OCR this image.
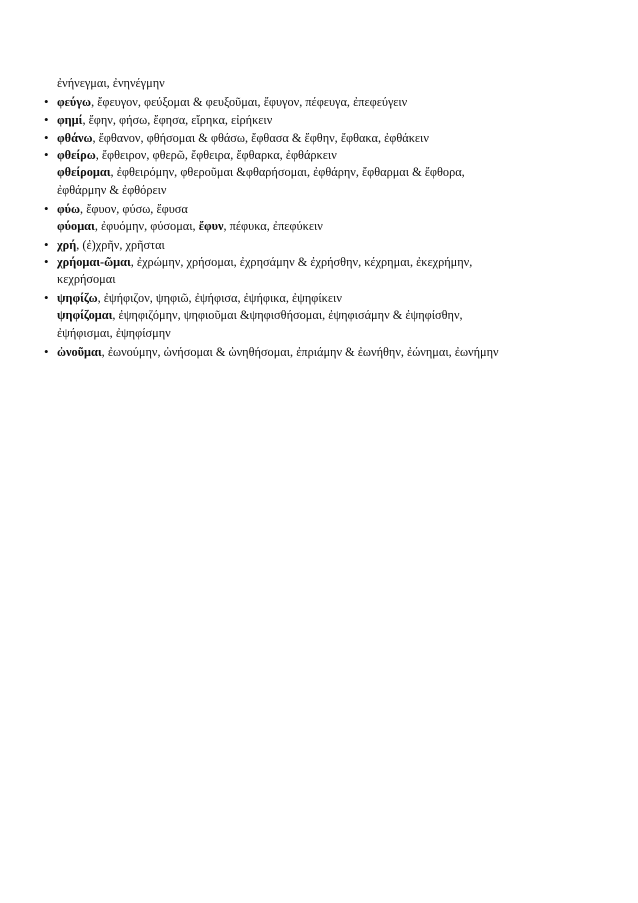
ἐνήνεγμαι, ἐνηνέγμην
•φεύγω, ἔφευγον, φεύξομαι & φευξοῦμαι, ἔφυγον, πέφευγα, ἐπεφεύγειν
•φημί, ἔφην, φήσω, ἔφησα, εἴρηκα, εἰρήκειν
•φθάνω, ἔφθανον, φθήσομαι & φθάσω, ἔφθασα & ἔφθην, ἔφθακα, ἐφθάκειν
•φθείρω, ἔφθειρον, φθερῶ, ἔφθειρα, ἔφθαρκα, ἐφθάρκειν
φθείρομαι, ἐφθειρόμην, φθεροῦμαι &φθαρήσομαι, ἐφθάρην, ἔφθαρμαι & ἔφθορα,
ἐφθάρμην & ἐφθόρειν
•φύω, ἔφυον, φύσω, ἔφυσα
φύομαι, ἐφυόμην, φύσομαι, ἔφυν, πέφυκα, ἐπεφύκειν
•χρή, (ἐ)χρῆν, χρῆσται
•χρήομαι-ῶμαι, ἐχρώμην, χρήσομαι, ἐχρησάμην & ἐχρήσθην, κέχρημαι, ἐκεχρήμην,
κεχρήσομαι
•ψηφίζω, ἐψήφιζον, ψηφιῶ, ἐψήφισα, ἐψήφικα, ἐψηφίκειν
ψηφίζομαι, ἐψηφιζόμην, ψηφιοῦμαι &ψηφισθήσομαι, ἐψηφισάμην & ἐψηφίσθην,
ἐψήφισμαι, ἐψηφίσμην
•ὠνοῦμαι, ἐωνούμην, ὠνήσομαι & ὠνηθήσομαι, ἐπριάμην & ἐωνήθην, ἐώνημαι, ἐωνήμην
